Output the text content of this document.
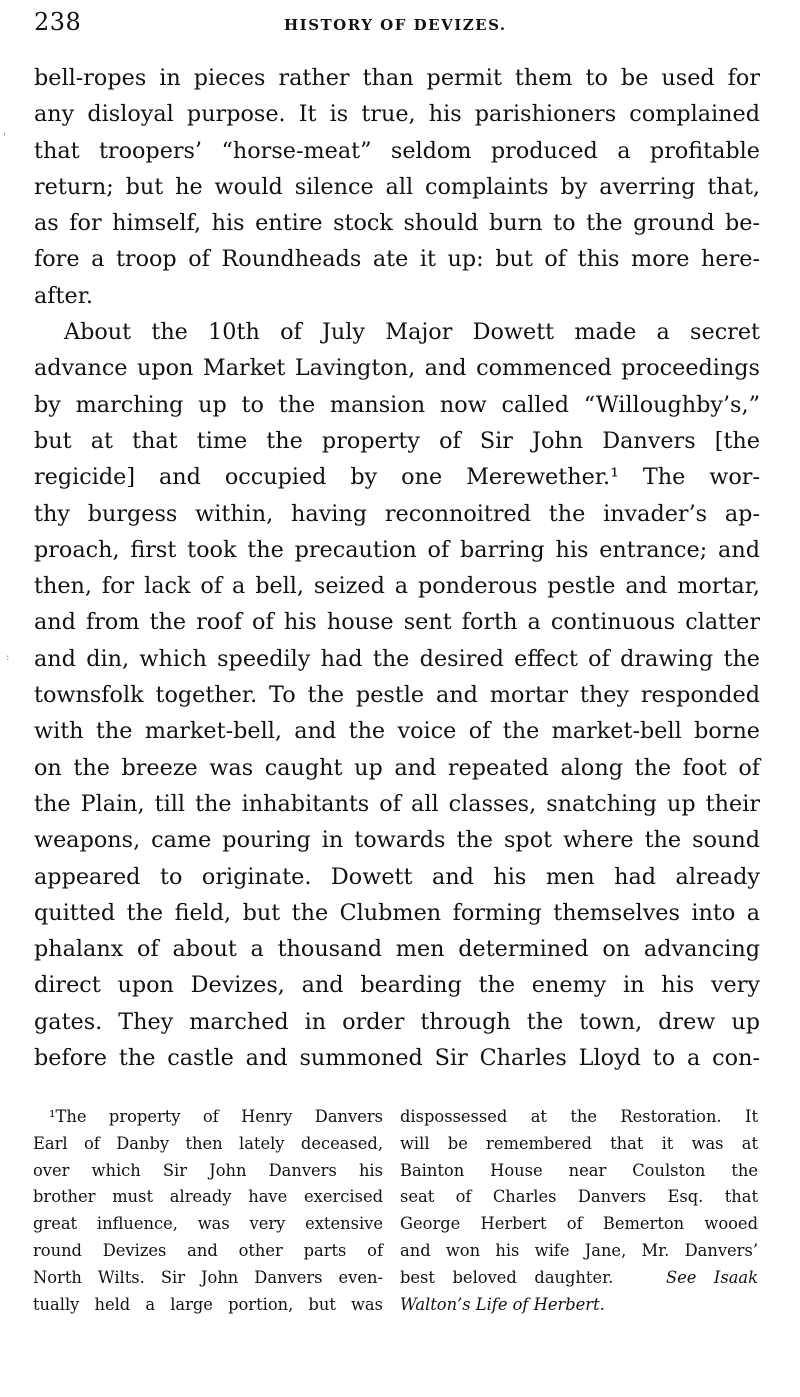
238	HISTORY OF DEVIZES.
bell-ropes in pieces rather than permit them to be used for
any disloyal purpose. It is true, his parishioners complained
that troopers’ “horse-meat” seldom produced a profitable
return; but he would silence all complaints by averring that,
as for himself, his entire stock should burn to the ground be-
fore a troop of Roundheads ate it up: but of this more here-
after.
About the 10th of July Major Dowett made a secret
advance upon Market Lavington, and commenced proceedings
by marching up to the mansion now called “Willoughby’s,”
but at that time the property of Sir John Danvers [the
regicide] and occupied by one Merewether.¹ The wor-
thy burgess within, having reconnoitred the invader’s ap-
proach, first took the precaution of barring his entrance; and
then, for lack of a bell, seized a ponderous pestle and mortar,
and from the roof of his house sent forth a continuous clatter
and din, which speedily had the desired effect of drawing the
townsfolk together. To the pestle and mortar they responded
with the market-bell, and the voice of the market-bell borne
on the breeze was caught up and repeated along the foot of
the Plain, till the inhabitants of all classes, snatching up their
weapons, came pouring in towards the spot where the sound
appeared to originate. Dowett and his men had already
quitted the field, but the Clubmen forming themselves into a
phalanx of about a thousand men determined on advancing
direct upon Devizes, and bearding the enemy in his very
gates. They marched in order through the town, drew up
before the castle and summoned Sir Charles Lloyd to a con-
¹The property of Henry Danvers
Earl of Danby then lately deceased,
over which Sir John Danvers his
brother must already have exercised
great influence, was very extensive
round Devizes and other parts of
North Wilts. Sir John Danvers even-
tually held a large portion, but was
dispossessed at the Restoration. It
will be remembered that it was at
Bainton House near Coulston the
seat of Charles Danvers Esq. that
George Herbert of Bemerton wooed
and won his wife Jane, Mr. Danvers’
best beloved daughter.	See Isaak
Walton’s Life of Herbert.
'
:
